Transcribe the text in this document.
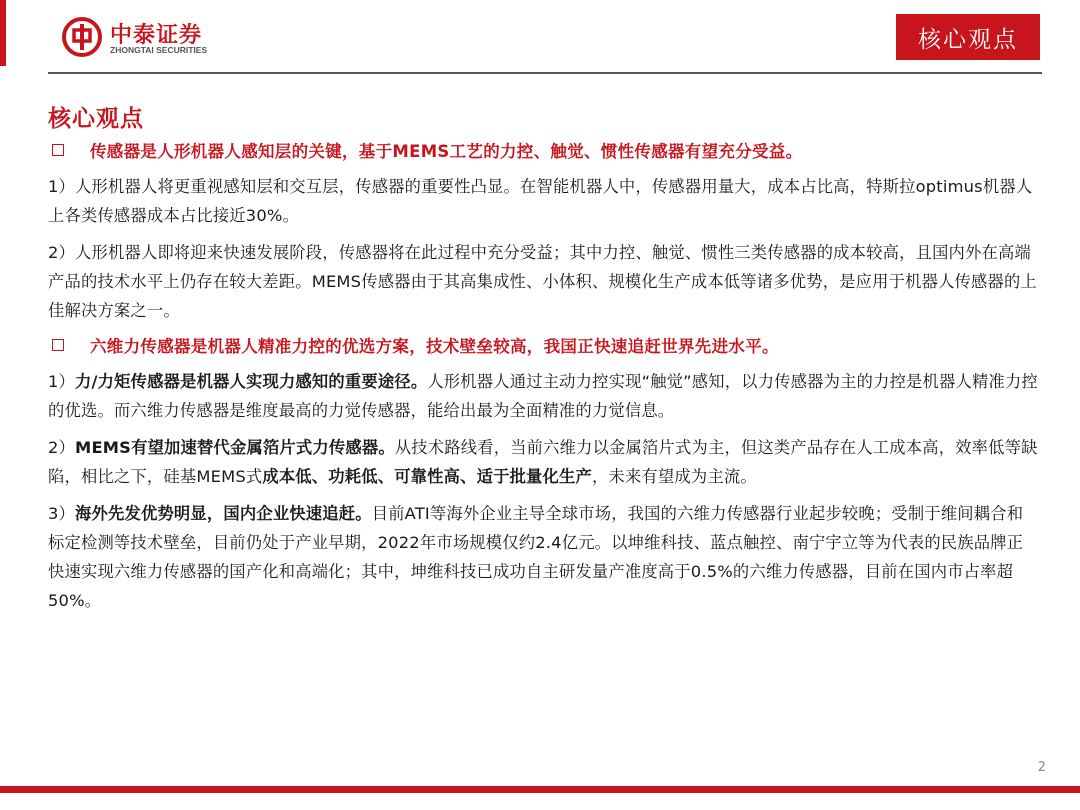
中泰证券
ZHONGTAI SECURITIES	核心观点
核心观点
传感器是人形机器人感知层的关键，基于MEMS工艺的力控、触觉、惯性传感器有望充分受益。
1）人形机器人将更重视感知层和交互层，传感器的重要性凸显。在智能机器人中，传感器用量大，成本占比高，特斯拉optimus机器人上各类传感器成本占比接近30%。
2）人形机器人即将迎来快速发展阶段，传感器将在此过程中充分受益；其中力控、触觉、惯性三类传感器的成本较高，且国内外在高端产品的技术水平上仍存在较大差距。MEMS传感器由于其高集成性、小体积、规模化生产成本低等诸多优势，是应用于机器人传感器的上佳解决方案之一。
六维力传感器是机器人精准力控的优选方案，技术壁垒较高，我国正快速追赶世界先进水平。
1）力/力矩传感器是机器人实现力感知的重要途径。人形机器人通过主动力控实现“触觉”感知，以力传感器为主的力控是机器人精准力控的优选。而六维力传感器是维度最高的力觉传感器，能给出最为全面精准的力觉信息。
2）MEMS有望加速替代金属箔片式力传感器。从技术路线看，当前六维力以金属箔片式为主，但这类产品存在人工成本高，效率低等缺陷，相比之下，硅基MEMS式成本低、功耗低、可靠性高、适于批量化生产，未来有望成为主流。
3）海外先发优势明显，国内企业快速追赶。目前ATI等海外企业主导全球市场，我国的六维力传感器行业起步较晚；受制于维间耦合和标定检测等技术壁垒，目前仍处于产业早期，2022年市场规模仅约2.4亿元。以坤维科技、蓝点触控、南宁宇立等为代表的民族品牌正快速实现六维力传感器的国产化和高端化；其中，坤维科技已成功自主研发量产准度高于0.5%的六维力传感器，目前在国内市占率超50%。
2
